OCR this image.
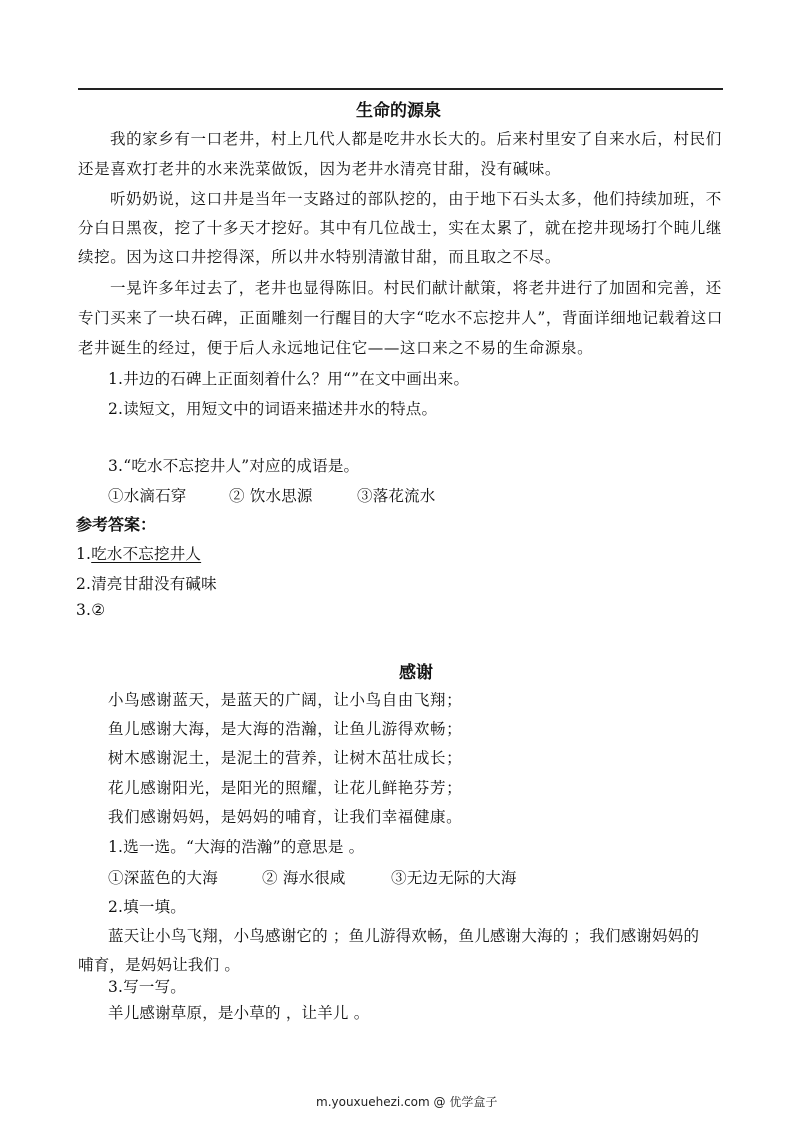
生命的源泉
我的家乡有一口老井，村上几代人都是吃井水长大的。后来村里安了自来水后，村民们
还是喜欢打老井的水来洗菜做饭，因为老井水清亮甘甜，没有碱味。
听奶奶说，这口井是当年一支路过的部队挖的，由于地下石头太多，他们持续加班，不
分白日黑夜，挖了十多天才挖好。其中有几位战士，实在太累了，就在挖井现场打个盹儿继
续挖。因为这口井挖得深，所以井水特别清澈甘甜，而且取之不尽。
一晃许多年过去了，老井也显得陈旧。村民们献计献策，将老井进行了加固和完善，还
专门买来了一块石碑，正面雕刻一行醒目的大字“吃水不忘挖井人”，背面详细地记载着这口
老井诞生的经过，便于后人永远地记住它——这口来之不易的生命源泉。
1.井边的石碑上正面刻着什么？用“”在文中画出来。
2.读短文，用短文中的词语来描述井水的特点。
3.“吃水不忘挖井人”对应的成语是。
①水滴石穿	② 饮水思源	③落花流水
参考答案：
1.吃水不忘挖井人
2.清亮甘甜没有碱味
3.②
感谢
小鸟感谢蓝天，是蓝天的广阔，让小鸟自由飞翔；
鱼儿感谢大海，是大海的浩瀚，让鱼儿游得欢畅；
树木感谢泥土，是泥土的营养，让树木茁壮成长；
花儿感谢阳光，是阳光的照耀，让花儿鲜艳芬芳；
我们感谢妈妈，是妈妈的哺育，让我们幸福健康。
1.选一选。“大海的浩瀚”的意思是 。
①深蓝色的大海	② 海水很咸	③无边无际的大海
2.填一填。
蓝天让小鸟飞翔，小鸟感谢它的 ；鱼儿游得欢畅，鱼儿感谢大海的 ；我们感谢妈妈的
哺育，是妈妈让我们 。
3.写一写。
羊儿感谢草原，是小草的 ，让羊儿 。
m.youxuehezi.com @ 优学盒子
